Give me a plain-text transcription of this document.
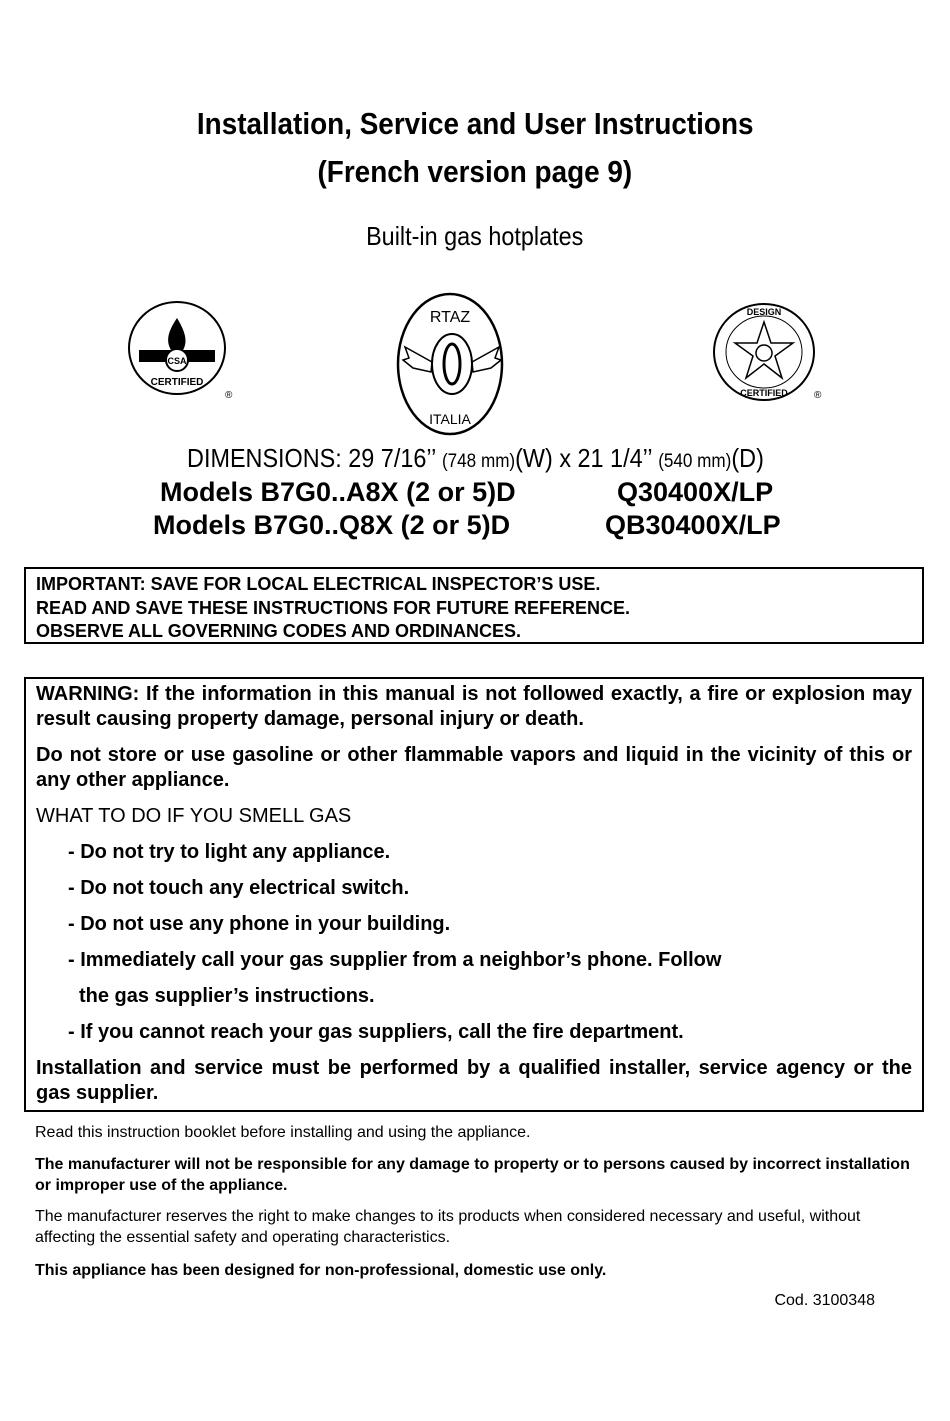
Installation, Service and User Instructions
(French version page 9)
Built-in gas hotplates
CSA
CERTIFIED
®
RTAZ
ITALIA
DESIGN
CERTIFIED	®
DIMENSIONS: 29 7/16’’ (748 mm)(W) x 21 1/4’’ (540 mm)(D)
Models B7G0..A8X (2 or 5)D	Q30400X/LP
Models B7G0..Q8X (2 or 5)D	QB30400X/LP
IMPORTANT: SAVE FOR LOCAL ELECTRICAL INSPECTOR’S USE.
READ AND SAVE THESE INSTRUCTIONS FOR FUTURE REFERENCE.
OBSERVE ALL GOVERNING CODES AND ORDINANCES.

WARNING: If the information in this manual is not followed exactly, a fire or explosion may result causing property damage, personal injury or death.

Do not store or use gasoline or other flammable vapors and liquid in the vicinity of this or any other appliance.

WHAT TO DO IF YOU SMELL GAS

- Do not try to light any appliance.
- Do not touch any electrical switch.
- Do not use any phone in your building.
- Immediately call your gas supplier from a neighbor’s phone. Follow
the gas supplier’s instructions.
- If you cannot reach your gas suppliers, call the fire department.

Installation and service must be performed by a qualified installer, service agency or the gas supplier.

Read this instruction booklet before installing and using the appliance.
The manufacturer will not be responsible for any damage to property or to persons caused by incorrect installation or improper use of the appliance.
The manufacturer reserves the right to make changes to its products when considered necessary and useful, without affecting the essential safety and operating characteristics.
This appliance has been designed for non-professional, domestic use only.
Cod. 3100348
